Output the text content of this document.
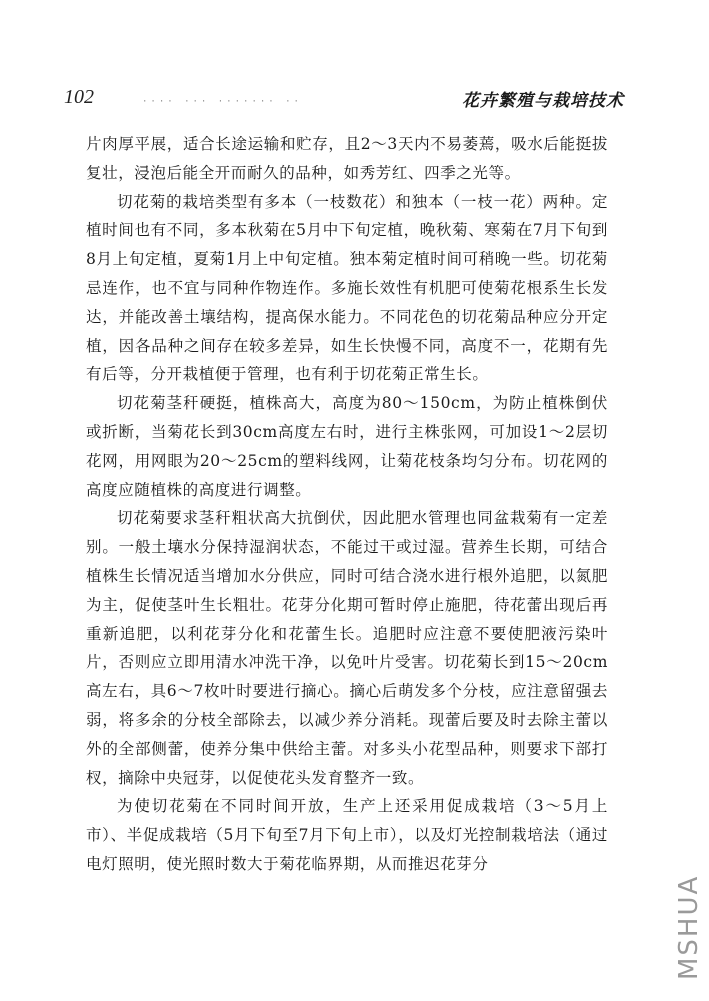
102	···· ··· ······· ··	花卉繁殖与栽培技术

片肉厚平展，适合长途运输和贮存，且2～3天内不易萎蔫，吸水后能挺拔复壮，浸泡后能全开而耐久的品种，如秀芳红、四季之光等。

切花菊的栽培类型有多本（一枝数花）和独本（一枝一花）两种。定植时间也有不同，多本秋菊在5月中下旬定植，晚秋菊、寒菊在7月下旬到8月上旬定植，夏菊1月上中旬定植。独本菊定植时间可稍晚一些。切花菊忌连作，也不宜与同种作物连作。多施长效性有机肥可使菊花根系生长发达，并能改善土壤结构，提高保水能力。不同花色的切花菊品种应分开定植，因各品种之间存在较多差异，如生长快慢不同，高度不一，花期有先有后等，分开栽植便于管理，也有利于切花菊正常生长。

切花菊茎秆硬挺，植株高大，高度为80～150cm，为防止植株倒伏或折断，当菊花长到30cm高度左右时，进行主株张网，可加设1～2层切花网，用网眼为20～25cm的塑料线网，让菊花枝条均匀分布。切花网的高度应随植株的高度进行调整。

切花菊要求茎秆粗状高大抗倒伏，因此肥水管理也同盆栽菊有一定差别。一般土壤水分保持湿润状态，不能过干或过湿。营养生长期，可结合植株生长情况适当增加水分供应，同时可结合浇水进行根外追肥，以氮肥为主，促使茎叶生长粗壮。花芽分化期可暂时停止施肥，待花蕾出现后再重新追肥，以利花芽分化和花蕾生长。追肥时应注意不要使肥液污染叶片，否则应立即用清水冲洗干净，以免叶片受害。切花菊长到15～20cm高左右，具6～7枚叶时要进行摘心。摘心后萌发多个分枝，应注意留强去弱，将多余的分枝全部除去，以减少养分消耗。现蕾后要及时去除主蕾以外的全部侧蕾，使养分集中供给主蕾。对多头小花型品种，则要求下部打杈，摘除中央冠芽，以促使花头发育整齐一致。

为使切花菊在不同时间开放，生产上还采用促成栽培（3～5月上市）、半促成栽培（5月下旬至7月下旬上市），以及灯光控制栽培法（通过电灯照明，使光照时数大于菊花临界期，从而推迟花芽分

MSHUA
